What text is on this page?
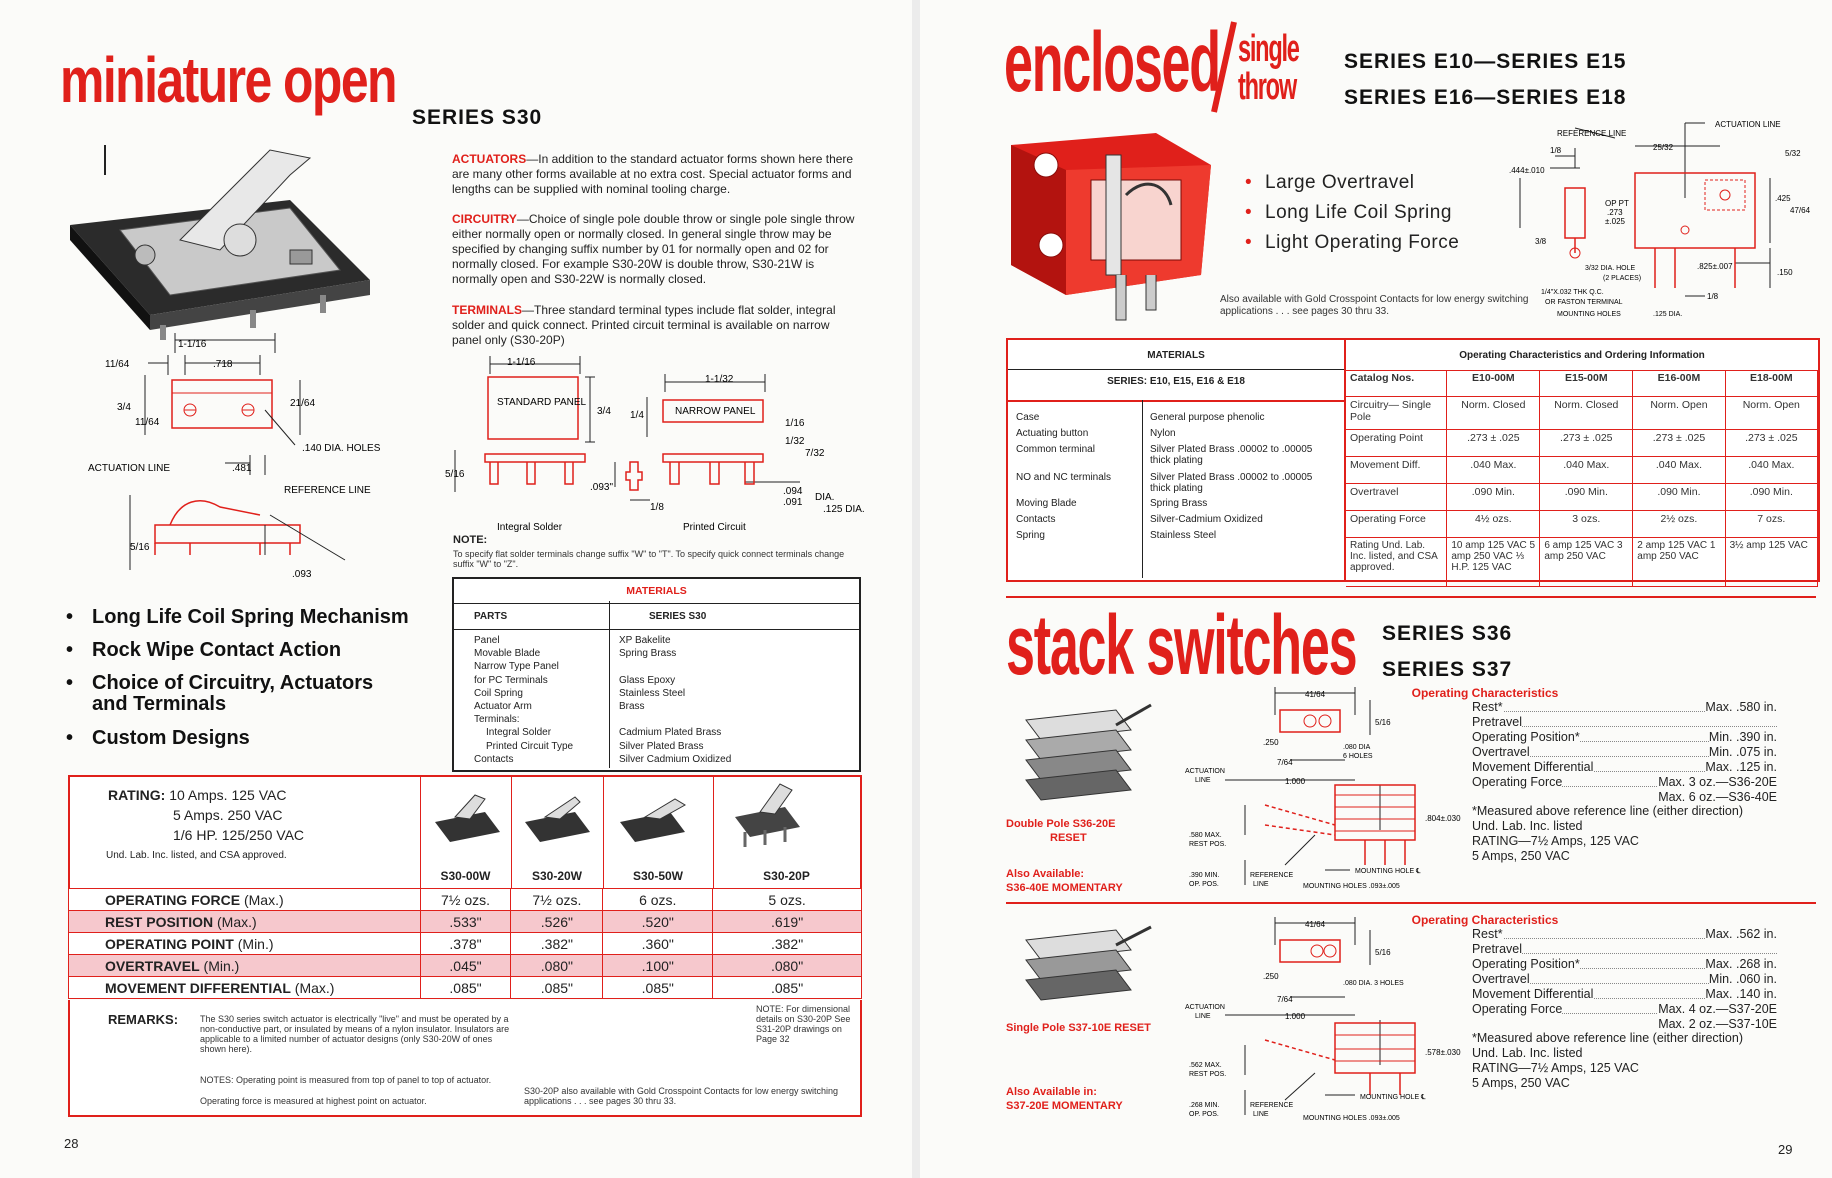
miniature open
SERIES S30
1-1/16
11/64	.718
3/4	21/64
11/64
.140 DIA. HOLES
ACTUATION LINE	.481
REFERENCE LINE
5/16
.093
ACTUATORS—In addition to the standard actuator forms shown here there are many other forms available at no extra cost. Special actuator forms and lengths can be supplied with nominal tooling charge.
CIRCUITRY—Choice of single pole double throw or single pole single throw either normally open or normally closed. In general single throw may be specified by changing suffix number by 01 for normally open and 02 for normally closed. For example S30-20W is double throw, S30-21W is normally open and S30-22W is normally closed.
TERMINALS—Three standard terminal types include flat solder, integral solder and quick connect. Printed circuit terminal is available on narrow panel only (S30-20P)
1-1/16
STANDARD PANEL
3/4
1-1/32
1/4	NARROW PANEL
1/16
1/32
7/32
5/16
.093"	.094
.091 DIA.
.125 DIA.
1/8
Integral Solder	Printed Circuit
NOTE:
To specify flat solder terminals change suffix "W" to "T". To specify quick connect terminals change suffix "W" to "Z".
MATERIALS
PARTS	SERIES S30
Panel	XP Bakelite
Movable Blade	Spring Brass
Narrow Type Panel
for PC Terminals	Glass Epoxy
Coil Spring	Stainless Steel
Actuator Arm	Brass
Terminals:
Integral Solder	Cadmium Plated Brass
Printed Circuit Type	Silver Plated Brass
Contacts	Silver Cadmium Oxidized
• Long Life Coil Spring Mechanism
• Rock Wipe Contact Action
• Choice of Circuitry, Actuators
and Terminals
• Custom Designs
RATING: 10 Amps. 125 VAC
5 Amps. 250 VAC
1/6 HP. 125/250 VAC
Und. Lab. Inc. listed, and CSA approved.
S30-00W	S30-20W	S30-50W	S30-20P
OPERATING FORCE (Max.)	7½ ozs.	7½ ozs.	6 ozs.	5 ozs.
REST POSITION (Max.)	.533"	.526"	.520"	.619"
OPERATING POINT (Min.)	.378"	.382"	.360"	.382"
OVERTRAVEL (Min.)	.045"	.080"	.100"	.080"
MOVEMENT DIFFERENTIAL (Max.)	.085"	.085"	.085"	.085"
REMARKS: The S30 series switch actuator is electrically "live" and must be operated by a non-conductive part, or insulated by means of a nylon insulator. Insulators are applicable to a limited number of actuator designs (only S30-20W of ones shown here).
NOTES: Operating point is measured from top of panel to top of actuator.
Operating force is measured at highest point on actuator.
NOTE: For dimensional details on S30-20P See S31-20P drawings on Page 32
S30-20P also available with Gold Crosspoint Contacts for low energy switching applications . . . see pages 30 thru 33.
28
enclosed single
throw
SERIES E10—SERIES E15
SERIES E16—SERIES E18
• Large Overtravel
• Long Life Coil Spring
• Light Operating Force
Also available with Gold Crosspoint Contacts for low energy switching applications . . . see pages 30 thru 33.
REFERENCE LINE
ACTUATION LINE
1/8	25/32
5/32
.444±.010
OP PT
.273
±.025
.425
47/64
3/8
3/32 DIA. HOLE
(2 PLACES)
.825±.007
.150
1/4"X.032 THK Q.C.
OR FASTON TERMINAL
1/8
MOUNTING HOLES	.125 DIA.
MATERIALS
SERIES: E10, E15, E16 & E18
Operating Characteristics and Ordering Information
Case	General purpose phenolic
Actuating button	Nylon
Common terminal	Silver Plated Brass .00002 to .00005 thick plating
NO and NC terminals	Silver Plated Brass .00002 to .00005 thick plating
Moving Blade	Spring Brass
Contacts	Silver-Cadmium Oxidized
Spring	Stainless Steel
Catalog Nos.	E10-00M	E15-00M	E16-00M	E18-00M
Circuitry— Single Pole	Norm. Closed	Norm. Closed	Norm. Open	Norm. Open
Operating Point	.273 ± .025	.273 ± .025	.273 ± .025	.273 ± .025
Movement Diff.	.040 Max.	.040 Max.	.040 Max.	.040 Max.
Overtravel	.090 Min.	.090 Min.	.090 Min.	.090 Min.
Operating Force	4½ ozs.	3 ozs.	2½ ozs.	7 ozs.
Rating Und. Lab. Inc. listed, and CSA approved.	10 amp 125 VAC 5 amp 250 VAC ⅓ H.P. 125 VAC	6 amp 125 VAC 3 amp 250 VAC	2 amp 125 VAC 1 amp 250 VAC	3½ amp 125 VAC
stack switches SERIES S36
SERIES S37
Double Pole S36-20E
RESET
Also Available:
S36-40E MOMENTARY
41/64
5/16
.250
.080 DIA
6 HOLES
ACTUATION
LINE
7/64
1.000
.804±.030
.580 MAX.
REST POS.
.390 MIN.
OP. POS.
REFERENCE
LINE
MOUNTING HOLE ℄
MOUNTING HOLES .093±.005
Operating Characteristics
Rest*	Max. .580 in.
Pretravel
Operating Position*	Min. .390 in.
Overtravel	Min. .075 in.
Movement Differential	Max. .125 in.
Operating Force	Max. 3 oz.—S36-20E
Max. 6 oz.—S36-40E
*Measured above reference line (either direction)
Und. Lab. Inc. listed
RATING—7½ Amps, 125 VAC
5 Amps, 250 VAC
Single Pole S37-10E RESET
Also Available in:
S37-20E MOMENTARY
41/64
5/16
.250
.080 DIA. 3 HOLES
ACTUATION
LINE
7/64
1.000
.578±.030
.562 MAX.
REST POS.
.268 MIN.
OP. POS.
REFERENCE
LINE
MOUNTING HOLE ℄
MOUNTING HOLES .093±.005
Operating Characteristics
Rest*	Max. .562 in.
Pretravel
Operating Position*	Max. .268 in.
Overtravel	Min. .060 in.
Movement Differential	Max. .140 in.
Operating Force	Max. 4 oz.—S37-20E
Max. 2 oz.—S37-10E
*Measured above reference line (either direction)
Und. Lab. Inc. listed
RATING—7½ Amps, 125 VAC
5 Amps, 250 VAC
29
